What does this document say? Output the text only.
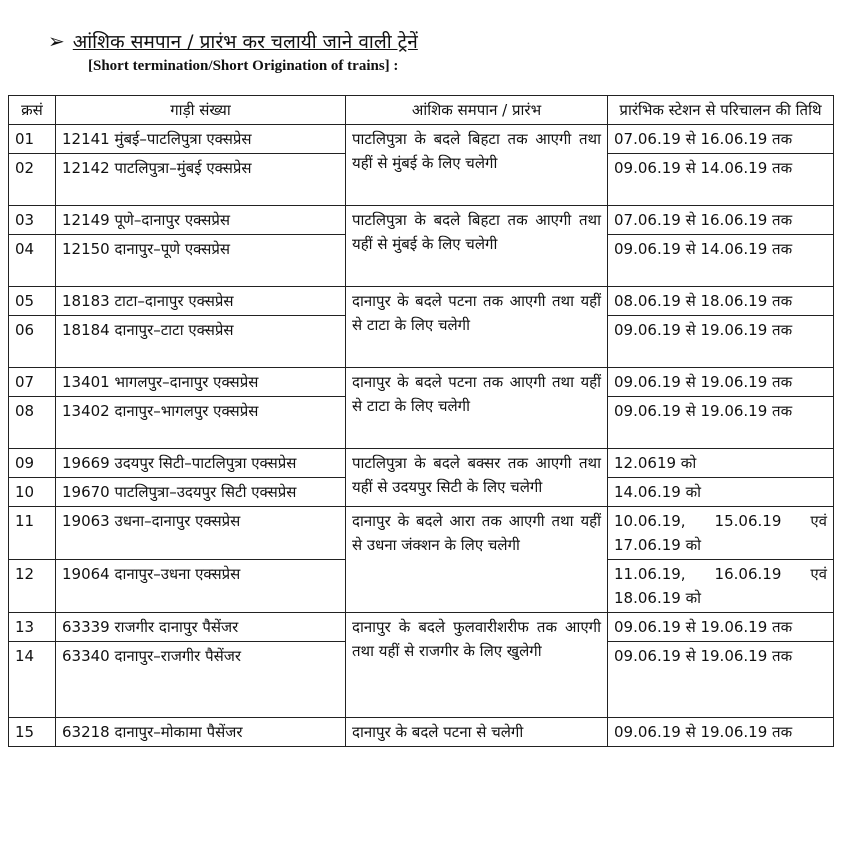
➢ आंशिक समपान / प्रारंभ कर चलायी जाने वाली ट्रेनें
[Short termination/Short Origination of trains] :
क्रसं	गाड़ी संख्या	आंशिक समपान / प्रारंभ	प्रारंभिक स्टेशन से परिचालन की तिथि
01	12141 मुंबई–पाटलिपुत्रा एक्सप्रेस	पाटलिपुत्रा के बदले बिहटा तक आएगी तथा यहीं से मुंबई के लिए चलेगी	07.06.19 से 16.06.19 तक
02	12142 पाटलिपुत्रा–मुंबई एक्सप्रेस		09.06.19 से 14.06.19 तक
03	12149 पूणे–दानापुर एक्सप्रेस	पाटलिपुत्रा के बदले बिहटा तक आएगी तथा यहीं से मुंबई के लिए चलेगी	07.06.19 से 16.06.19 तक
04	12150 दानापुर–पूणे एक्सप्रेस		09.06.19 से 14.06.19 तक
05	18183 टाटा–दानापुर एक्सप्रेस	दानापुर के बदले पटना तक आएगी तथा यहीं से टाटा के लिए चलेगी	08.06.19 से 18.06.19 तक
06	18184 दानापुर–टाटा एक्सप्रेस		09.06.19 से 19.06.19 तक
07	13401 भागलपुर–दानापुर एक्सप्रेस	दानापुर के बदले पटना तक आएगी तथा यहीं से टाटा के लिए चलेगी	09.06.19 से 19.06.19 तक
08	13402 दानापुर–भागलपुर एक्सप्रेस		09.06.19 से 19.06.19 तक
09	19669 उदयपुर सिटी–पाटलिपुत्रा एक्सप्रेस	पाटलिपुत्रा के बदले बक्सर तक आएगी तथा यहीं से उदयपुर सिटी के लिए चलेगी	12.0619 को
10	19670 पाटलिपुत्रा–उदयपुर सिटी एक्सप्रेस		14.06.19 को
11	19063 उधना–दानापुर एक्सप्रेस	दानापुर के बदले आरा तक आएगी तथा यहीं से उधना जंक्शन के लिए चलेगी	10.06.19, 15.06.19 एवं 17.06.19 को
12	19064 दानापुर–उधना एक्सप्रेस		11.06.19, 16.06.19 एवं 18.06.19 को
13	63339 राजगीर दानापुर पैसेंजर	दानापुर के बदले फुलवारीशरीफ तक आएगी तथा यहीं से राजगीर के लिए खुलेगी	09.06.19 से 19.06.19 तक
14	63340 दानापुर–राजगीर पैसेंजर		09.06.19 से 19.06.19 तक
15	63218 दानापुर–मोकामा पैसेंजर	दानापुर के बदले पटना से चलेगी	09.06.19 से 19.06.19 तक
